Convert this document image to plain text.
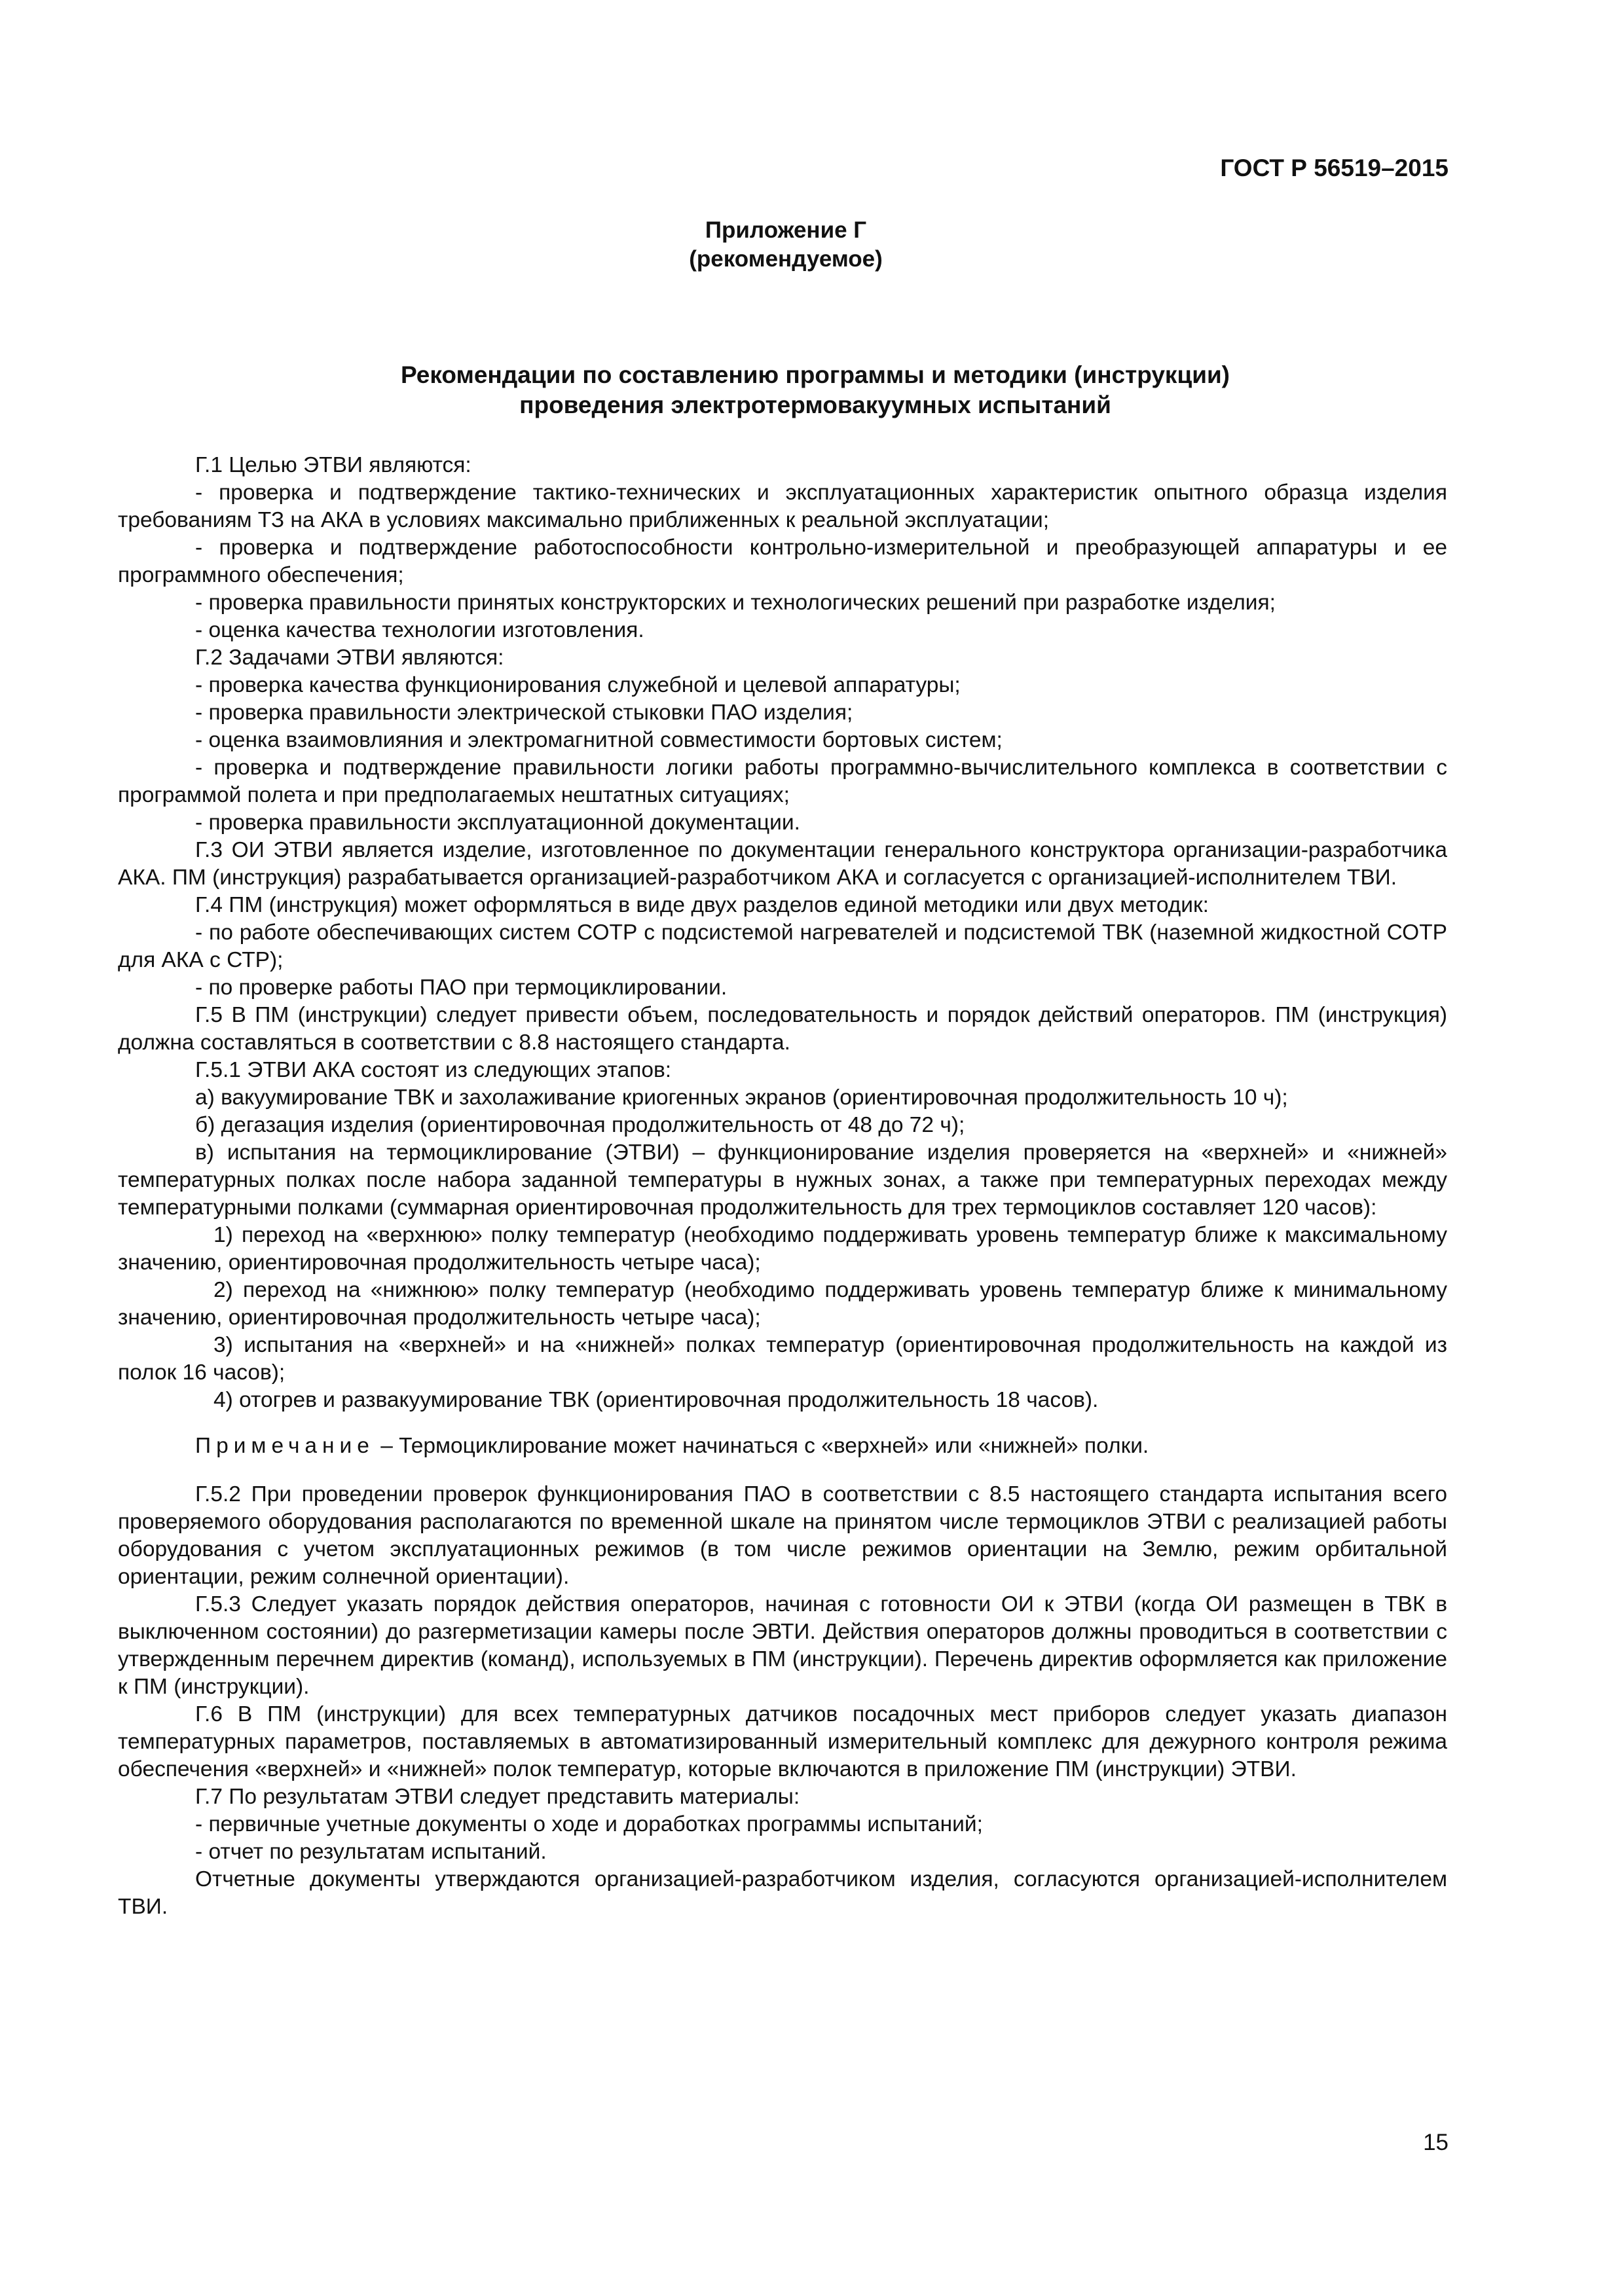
ГОСТ Р 56519–2015
Приложение Г
(рекомендуемое)
Рекомендации по составлению программы и методики (инструкции)
проведения электротермовакуумных испытаний

Г.1 Целью ЭТВИ являются:

- проверка и подтверждение тактико-технических и эксплуатационных характеристик опытного образца изделия требованиям ТЗ на АКА в условиях максимально приближенных к реальной эксплуатации;

- проверка и подтверждение работоспособности контрольно-измерительной и преобразующей аппаратуры и ее программного обеспечения;

- проверка правильности принятых конструкторских и технологических решений при разработке изделия;

- оценка качества технологии изготовления.

Г.2 Задачами ЭТВИ являются:

- проверка качества функционирования служебной и целевой аппаратуры;

- проверка правильности электрической стыковки ПАО изделия;

- оценка взаимовлияния и электромагнитной совместимости бортовых систем;

- проверка и подтверждение правильности логики работы программно-вычислительного комплекса в соответствии с программой полета и при предполагаемых нештатных ситуациях;

- проверка правильности эксплуатационной документации.

Г.3 ОИ ЭТВИ является изделие, изготовленное по документации генерального конструктора организации-разработчика АКА. ПМ (инструкция) разрабатывается организацией-разработчиком АКА и согласуется с организацией-исполнителем ТВИ.

Г.4 ПМ (инструкция) может оформляться в виде двух разделов единой методики или двух методик:

- по работе обеспечивающих систем СОТР с подсистемой нагревателей и подсистемой ТВК (наземной жидкостной СОТР для АКА с СТР);

- по проверке работы ПАО при термоциклировании.

Г.5 В ПМ (инструкции) следует привести объем, последовательность и порядок действий операторов. ПМ (инструкция) должна составляться в соответствии с 8.8 настоящего стандарта.

Г.5.1 ЭТВИ АКА состоят из следующих этапов:

а) вакуумирование ТВК и захолаживание криогенных экранов (ориентировочная продолжительность 10 ч);

б) дегазация изделия (ориентировочная продолжительность от 48 до 72 ч);

в) испытания на термоциклирование (ЭТВИ) – функционирование изделия проверяется на «верхней» и «нижней» температурных полках после набора заданной температуры в нужных зонах, а также при температурных переходах между температурными полками (суммарная ориентировочная продолжительность для трех термоциклов составляет 120 часов):

1) переход на «верхнюю» полку температур (необходимо поддерживать уровень температур ближе к максимальному значению, ориентировочная продолжительность четыре часа);

2) переход на «нижнюю» полку температур (необходимо поддерживать уровень температур ближе к минимальному значению, ориентировочная продолжительность четыре часа);

3) испытания на «верхней» и на «нижней» полках температур (ориентировочная продолжительность на каждой из полок 16 часов);

4) отогрев и развакуумирование ТВК (ориентировочная продолжительность 18 часов).

Примечание – Термоциклирование может начинаться с «верхней» или «нижней» полки.

Г.5.2 При проведении проверок функционирования ПАО в соответствии с 8.5 настоящего стандарта испытания всего проверяемого оборудования располагаются по временной шкале на принятом числе термоциклов ЭТВИ с реализацией работы оборудования с учетом эксплуатационных режимов (в том числе режимов ориентации на Землю, режим орбитальной ориентации, режим солнечной ориентации).

Г.5.3 Следует указать порядок действия операторов, начиная с готовности ОИ к ЭТВИ (когда ОИ размещен в ТВК в выключенном состоянии) до разгерметизации камеры после ЭВТИ. Действия операторов должны проводиться в соответствии с утвержденным перечнем директив (команд), используемых в ПМ (инструкции). Перечень директив оформляется как приложение к ПМ (инструкции).

Г.6 В ПМ (инструкции) для всех температурных датчиков посадочных мест приборов следует указать диапазон температурных параметров, поставляемых в автоматизированный измерительный комплекс для дежурного контроля режима обеспечения «верхней» и «нижней» полок температур, которые включаются в приложение ПМ (инструкции) ЭТВИ.

Г.7 По результатам ЭТВИ следует представить материалы:

- первичные учетные документы о ходе и доработках программы испытаний;

- отчет по результатам испытаний.

Отчетные документы утверждаются организацией-разработчиком изделия, согласуются организацией-исполнителем ТВИ.

15
